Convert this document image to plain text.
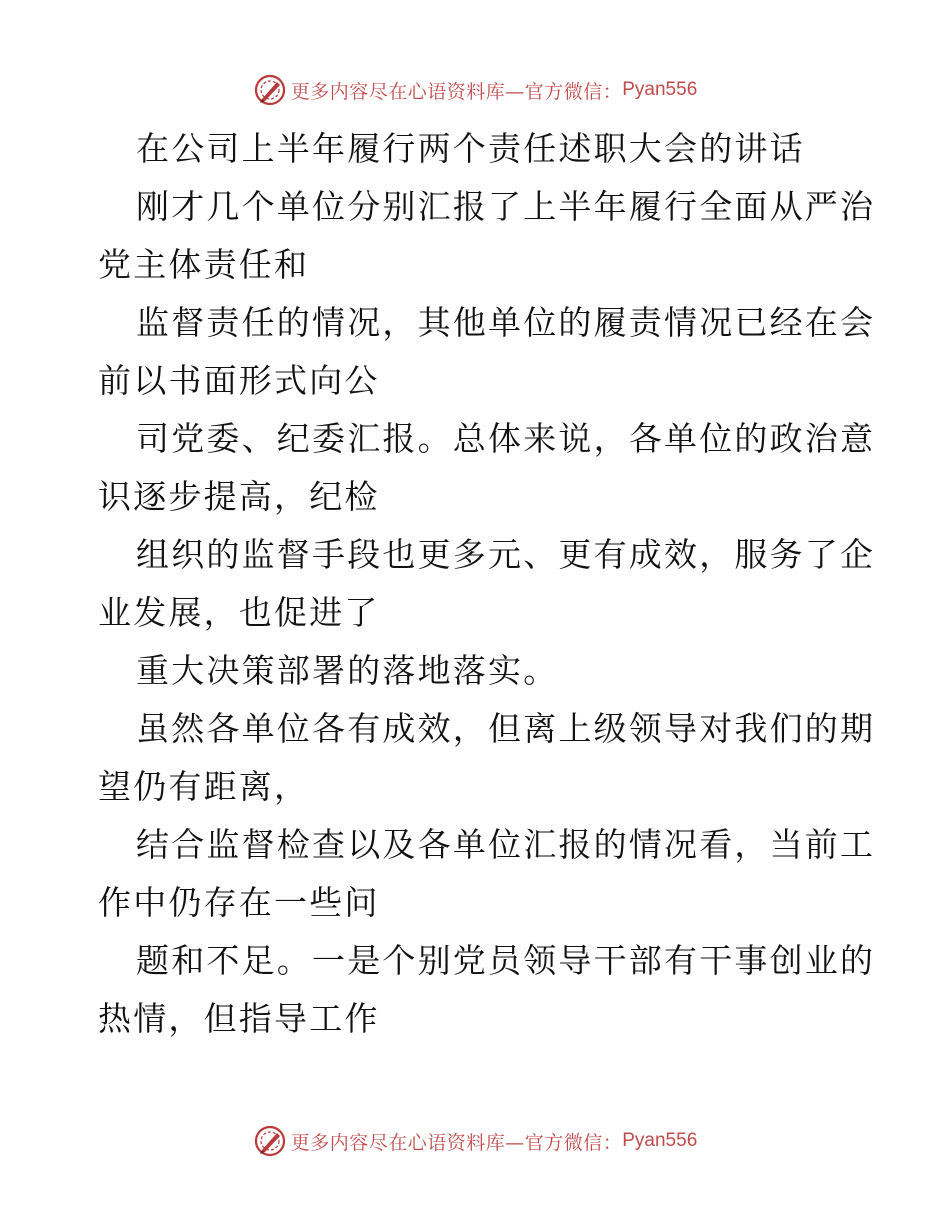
更多内容尽在心语资料库—官方微信： Pyan556
在公司上半年履行两个责任述职大会的讲话
刚才几个单位分别汇报了上半年履行全面从严治
党主体责任和
监督责任的情况，其他单位的履责情况已经在会
前以书面形式向公
司党委、纪委汇报。总体来说，各单位的政治意
识逐步提高，纪检
组织的监督手段也更多元、更有成效，服务了企
业发展，也促进了
重大决策部署的落地落实。
虽然各单位各有成效，但离上级领导对我们的期
望仍有距离，
结合监督检查以及各单位汇报的情况看，当前工
作中仍存在一些问
题和不足。一是个别党员领导干部有干事创业的
热情，但指导工作
更多内容尽在心语资料库—官方微信： Pyan556
